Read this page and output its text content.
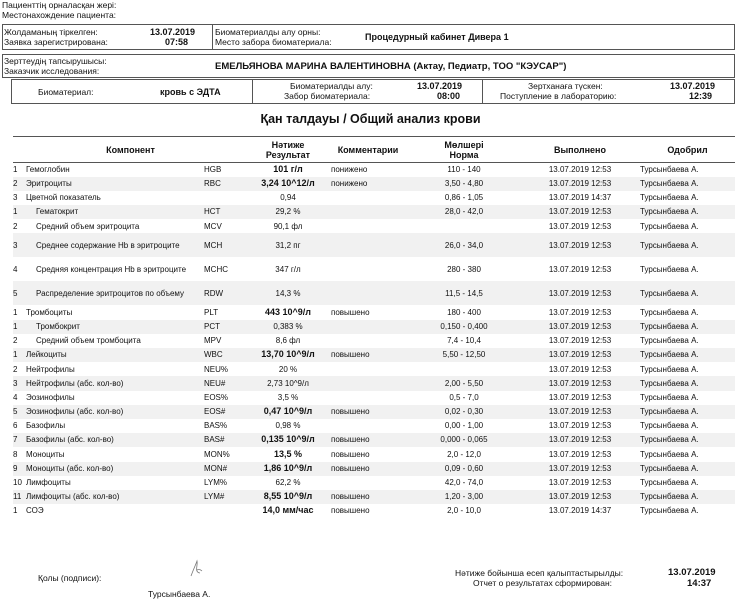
Пациенттің орналасқан жері:
Местонахождение пациента:
Жолдаманың тіркелген:
Заявка зарегистрирована:
13.07.2019
07:58
Биоматериалды алу орны:
Место забора биоматериала:	Процедурный кабинет Дивера 1
Зерттеудің тапсырушысы:
Заказчик исследования:	ЕМЕЛЬЯНОВА МАРИНА ВАЛЕНТИНОВНА (Актау, Педиатр, ТОО "КЭУСАР")
Биоматериал:	кровь с ЭДТА
Биоматериалды алу:
Забор биоматериала:
13.07.2019
08:00
Зертханаға түскен:
Поступление в лабораторию:
13.07.2019
12:39
Қан талдауы / Общий анализ крови
Компонент			Нәтиже
Результат	Комментарии	Мөлшері
Норма	Выполнено	Одобрил
1	Гемоглобин	HGB	101 г/л	понижено	110 - 140	13.07.2019 12:53	Турсынбаева А.
2	Эритроциты	RBC	3,24 10^12/л	понижено	3,50 - 4,80	13.07.2019 12:53	Турсынбаева А.
3	Цветной показатель		0,94		0,86 - 1,05	13.07.2019 14:37	Турсынбаева А.
1	Гематокрит	HCT	29,2 %		28,0 - 42,0	13.07.2019 12:53	Турсынбаева А.
2	Средний объем эритроцита	MCV	90,1 фл			13.07.2019 12:53	Турсынбаева А.
3	Среднее содержание Hb в эритроците	MCH	31,2 пг		26,0 - 34,0	13.07.2019 12:53	Турсынбаева А.
4	Средняя концентрация Hb в эритроците	MCHC	347 г/л		280 - 380	13.07.2019 12:53	Турсынбаева А.
5	Распределение эритроцитов по объему	RDW	14,3 %		11,5 - 14,5	13.07.2019 12:53	Турсынбаева А.
1	Тромбоциты	PLT	443 10^9/л	повышено	180 - 400	13.07.2019 12:53	Турсынбаева А.
1	Тромбокрит	PCT	0,383 %		0,150 - 0,400	13.07.2019 12:53	Турсынбаева А.
2	Средний объем тромбоцита	MPV	8,6 фл		7,4 - 10,4	13.07.2019 12:53	Турсынбаева А.
1	Лейкоциты	WBC	13,70 10^9/л	повышено	5,50 - 12,50	13.07.2019 12:53	Турсынбаева А.
2	Нейтрофилы	NEU%	20 %			13.07.2019 12:53	Турсынбаева А.
3	Нейтрофилы (абс. кол-во)	NEU#	2,73 10^9/л		2,00 - 5,50	13.07.2019 12:53	Турсынбаева А.
4	Эозинофилы	EOS%	3,5 %		0,5 - 7,0	13.07.2019 12:53	Турсынбаева А.
5	Эозинофилы (абс. кол-во)	EOS#	0,47 10^9/л	повышено	0,02 - 0,30	13.07.2019 12:53	Турсынбаева А.
6	Базофилы	BAS%	0,98 %		0,00 - 1,00	13.07.2019 12:53	Турсынбаева А.
7	Базофилы (абс. кол-во)	BAS#	0,135 10^9/л	повышено	0,000 - 0,065	13.07.2019 12:53	Турсынбаева А.
8	Моноциты	MON%	13,5 %	повышено	2,0 - 12,0	13.07.2019 12:53	Турсынбаева А.
9	Моноциты (абс. кол-во)	MON#	1,86 10^9/л	повышено	0,09 - 0,60	13.07.2019 12:53	Турсынбаева А.
10	Лимфоциты	LYM%	62,2 %		42,0 - 74,0	13.07.2019 12:53	Турсынбаева А.
11	Лимфоциты (абс. кол-во)	LYM#	8,55 10^9/л	повышено	1,20 - 3,00	13.07.2019 12:53	Турсынбаева А.
1	СОЭ		14,0 мм/час	повышено	2,0 - 10,0	13.07.2019 14:37	Турсынбаева А.
Қолы (подписи):
Турсынбаева А.
Нәтиже бойынша есеп қалыптастырылды:
Отчет о результатах сформирован:
13.07.2019
14:37
